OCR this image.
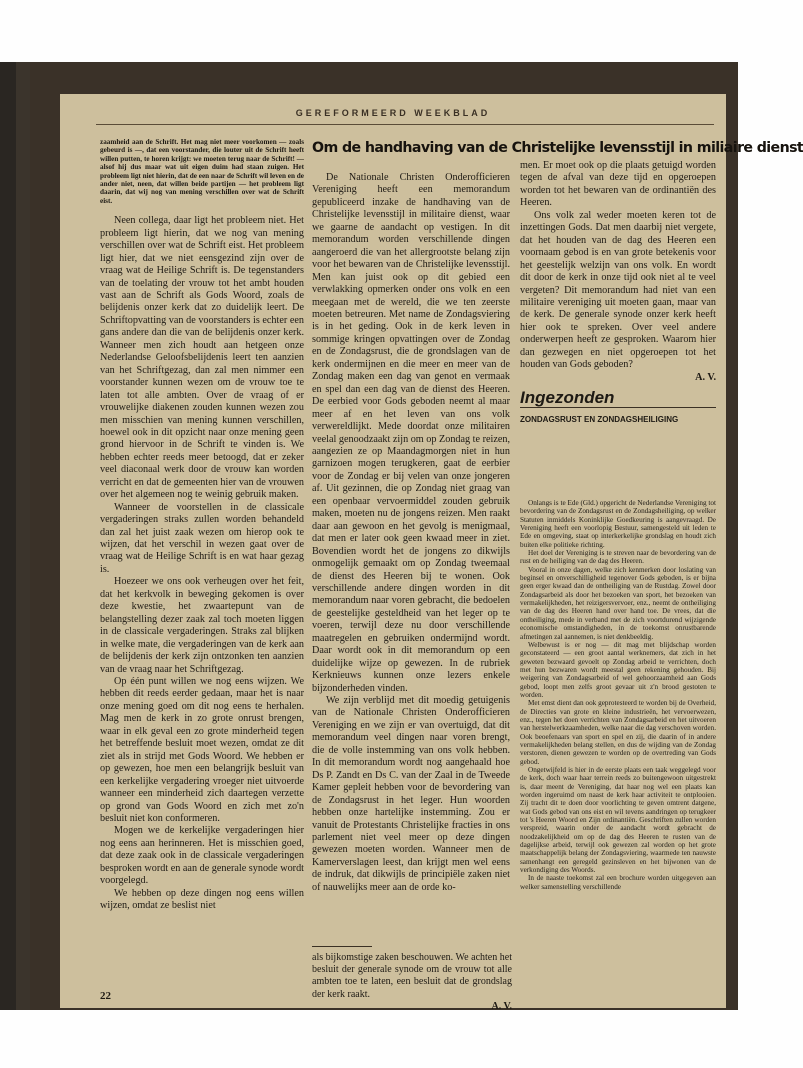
GEREFORMEERD WEEKBLAD
Om de handhaving van de Christelijke levensstijl in miliaire dienst

zaamheid aan de Schrift. Het mag niet meer voorkomen — zoals gebeurd is —, dat een voorstander, die louter uit de Schrift heeft willen putten, te horen krijgt: we moeten terug naar de Schrift! — alsof hij dus maar wat uit eigen duim had staan zuigen. Het probleem ligt niet hierin, dat de een naar de Schrift wil leven en de ander niet, neen, dat willen beide partijen — het probleem ligt daarin, dat wij nog van mening verschillen over wat de Schrift eist.

Neen collega, daar ligt het probleem niet. Het probleem ligt hierin, dat we nog van mening verschillen over wat de Schrift eist. Het probleem ligt hier, dat we niet eensgezind zijn over de vraag wat de Heilige Schrift is. De tegenstanders van de toelating der vrouw tot het ambt houden vast aan de Schrift als Gods Woord, zoals de belijdenis onzer kerk dat zo duidelijk leert. De Schriftopvatting van de voorstanders is echter een gans andere dan die van de belijdenis onzer kerk. Wanneer men zich houdt aan hetgeen onze Nederlandse Geloofsbelijdenis leert ten aanzien van het Schriftgezag, dan zal men nimmer een voorstander kunnen wezen om de vrouw toe te laten tot alle ambten. Over de vraag of er vrouwelijke diakenen zouden kunnen wezen zou men misschien van mening kunnen verschillen, hoewel ook in dit opzicht naar onze mening geen grond hiervoor in de Schrift te vinden is. We hebben echter reeds meer betoogd, dat er zeker veel diaconaal werk door de vrouw kan worden verricht en dat de gemeenten hier van de vrouwen over het algemeen nog te weinig gebruik maken.

Wanneer de voorstellen in de classicale vergaderingen straks zullen worden behandeld dan zal het juist zaak wezen om hierop ook te wijzen, dat het verschil in wezen gaat over de vraag wat de Heilige Schrift is en wat haar gezag is.

Hoezeer we ons ook verheugen over het feit, dat het kerkvolk in beweging gekomen is over deze kwestie, het zwaartepunt van de belangstelling dezer zaak zal toch moeten liggen in de classicale vergaderingen. Straks zal blijken in welke mate, die vergaderingen van de kerk aan de belijdenis der kerk zijn ontzonken ten aanzien van de vraag naar het Schriftgezag.

Op één punt willen we nog eens wijzen. We hebben dit reeds eerder gedaan, maar het is naar onze mening goed om dit nog eens te herhalen. Mag men de kerk in zo grote onrust brengen, waar in elk geval een zo grote minderheid tegen het betreffende besluit moet wezen, omdat ze dit ziet als in strijd met Gods Woord. We hebben er op gewezen, hoe men een belangrijk besluit van een kerkelijke vergadering vroeger niet uitvoerde wanneer een minderheid zich daartegen verzette op grond van Gods Woord en zich met zo'n besluit niet kon conformeren.

Mogen we de kerkelijke vergaderingen hier nog eens aan herinneren. Het is misschien goed, dat deze zaak ook in de classicale vergaderingen besproken wordt en aan de generale synode wordt voorgelegd.

We hebben op deze dingen nog eens willen wijzen, omdat ze beslist niet

De Nationale Christen Onderofficieren Vereniging heeft een memorandum gepubliceerd inzake de handhaving van de Christelijke levensstijl in militaire dienst, waar we gaarne de aandacht op vestigen. In dit memorandum worden verschillende dingen aangeroerd die van het allergrootste belang zijn voor het bewaren van de Christelijke levensstijl. Men kan juist ook op dit gebied een verwlakking opmerken onder ons volk en een meegaan met de wereld, die we ten zeerste moeten betreuren. Met name de Zondagsviering is in het geding. Ook in de kerk leven in sommige kringen opvattingen over de Zondag en de Zondagsrust, die de grondslagen van de kerk ondermijnen en die meer en meer van de Zondag maken een dag van genot en vermaak en spel dan een dag van de dienst des Heeren. De eerbied voor Gods geboden neemt al maar meer af en het leven van ons volk verwereldlijkt. Mede doordat onze militairen veelal genoodzaakt zijn om op Zondag te reizen, aangezien ze op Maandagmorgen niet in hun garnizoen mogen terugkeren, gaat de eerbier voor de Zondag er bij velen van onze jongeren af. Uit gezinnen, die op Zondag niet graag van een openbaar vervoermiddel zouden gebruik maken, moeten nu de jongens reizen. Men raakt daar aan gewoon en het gevolg is menigmaal, dat men er later ook geen kwaad meer in ziet. Bovendien wordt het de jongens zo dikwijls onmogelijk gemaakt om op Zondag tweemaal de dienst des Heeren bij te wonen. Ook verschillende andere dingen worden in dit memorandum naar voren gebracht, die bedoelen de geestelijke gesteldheid van het leger op te voeren, terwijl deze nu door verschillende maatregelen en gebruiken ondermijnd wordt. Daar wordt ook in dit memorandum op een duidelijke wijze op gewezen. In de rubriek Kerknieuws kunnen onze lezers enkele bijzonderheden vinden.

We zijn verblijd met dit moedig getuigenis van de Nationale Christen Onderofficieren Vereniging en we zijn er van overtuigd, dat dit memorandum veel dingen naar voren brengt, die de volle instemming van ons volk hebben. In dit memorandum wordt nog aangehaald hoe Ds P. Zandt en Ds C. van der Zaal in de Tweede Kamer gepleit hebben voor de bevordering van de Zondagsrust in het leger. Hun woorden hebben onze hartelijke instemming. Zou er vanuit de Protestants Christelijke fracties in ons parlement niet veel meer op deze dingen gewezen moeten worden. Wanneer men de Kamerverslagen leest, dan krijgt men wel eens de indruk, dat dikwijls de principiële zaken niet of nauwelijks meer aan de orde ko-

als bijkomstige zaken beschouwen. We achten het besluit der generale synode om de vrouw tot alle ambten toe te laten, een besluit dat de grondslag der kerk raakt.

A. V.

men. Er moet ook op die plaats getuigd worden tegen de afval van deze tijd en opgeroepen worden tot het bewaren van de ordinantiën des Heeren.

Ons volk zal weder moeten keren tot de inzettingen Gods. Dat men daarbij niet vergete, dat het houden van de dag des Heeren een voornaam gebod is en van grote betekenis voor het geestelijk welzijn van ons volk. En wordt dit door de kerk in onze tijd ook niet al te veel vergeten? Dit memorandum had niet van een militaire vereniging uit moeten gaan, maar van de kerk. De generale synode onzer kerk heeft hier ook te spreken. Over veel andere onderwerpen heeft ze gesproken. Waarom hier dan gezwegen en niet opgeroepen tot het houden van Gods geboden?

A. V.
Ingezonden
ZONDAGSRUST EN ZONDAGSHEILIGING

Onlangs is te Ede (Gld.) opgericht de Nederlandse Vereniging tot bevordering van de Zondagsrust en de Zondagsheiliging, op welker Statuten inmiddels Koninklijke Goedkeuring is aangevraagd. De Vereniging heeft een voorlopig Bestuur, samengesteld uit leden te Ede en omgeving, staat op interkerkelijke grondslag en houdt zich buiten elke politieke richting.

Het doel der Vereniging is te streven naar de bevordering van de rust en de heiliging van de dag des Heeren.

Vooral in onze dagen, welke zich kenmerken door loslating van beginsel en onverschilligheid tegenover Gods geboden, is er bijna geen erger kwaad dan de ontheiliging van de Rustdag. Zowel door Zondagsarbeid als door het bezoeken van sport, het bezoeken van vermakelijkheden, het reizigersvervoer, enz., neemt de ontheiliging van de dag des Heeren hand over hand toe. De vrees, dat die ontheiliging, mede in verband met de zich voortdurend wijzigende economische omstandigheden, in de toekomst onrustbarende afmetingen zal aannemen, is niet denkbeeldig.

Welbewust is er nog — dit mag met blijdschap worden geconstateerd — een groot aantal werknemers, dat zich in het geweten bezwaard gevoelt op Zondag arbeid te verrichten, doch met hun bezwaren wordt meestal geen rekening gehouden. Bij weigering van Zondagsarbeid of wel gehoorzaamheid aan Gods gebod, loopt men zelfs groot gevaar uit z'n brood gestoten te worden.

Met emst dient dan ook geprotesteerd te worden bij de Overheid, de Directies van grote en kleine industrieën, het vervoerwezen, enz., tegen het doen verrichten van Zondagsarbeid en het uitvoeren van herstelwerkzaamheden, welke naar die dag verschoven worden. Ook beoefenaars van sport en spel en zij, die daarin of in andere vermakelijkheden belang stellen, en dus de wijding van de Zondag verstoren, dienen gewezen te worden op de overtreding van Gods gebod.

Ongetwijfeld is hier in de eerste plaats een taak weggelegd voor de kerk, doch waar haar terrein reeds zo buitengewoon uitgestrekt is, daar meent de Vereniging, dat haar nog wel een plaats kan worden ingeruimd om naast de kerk haar activiteit te ontplooien. Zij tracht dit te doen door voorlichting te geven omtrent datgene, wat Gods gebod van ons eist en wil tevens aandringen op terugkeer tot 's Heeren Woord en Zijn ordinantiën. Geschriften zullen worden verspreid, waarin onder de aandacht wordt gebracht de noodzakelijkheid om op de dag des Heeren te rusten van de dagelijkse arbeid, terwijl ook gewezen zal worden op het grote maatschappelijk belang der Zondagsviering, waarmede ten nauwste samenhangt een geregeld gezinsleven en het bijwonen van de verkondiging des Woords.

In de naaste toekomst zal een brochure worden uitgegeven aan welker samenstelling verschillende

22
